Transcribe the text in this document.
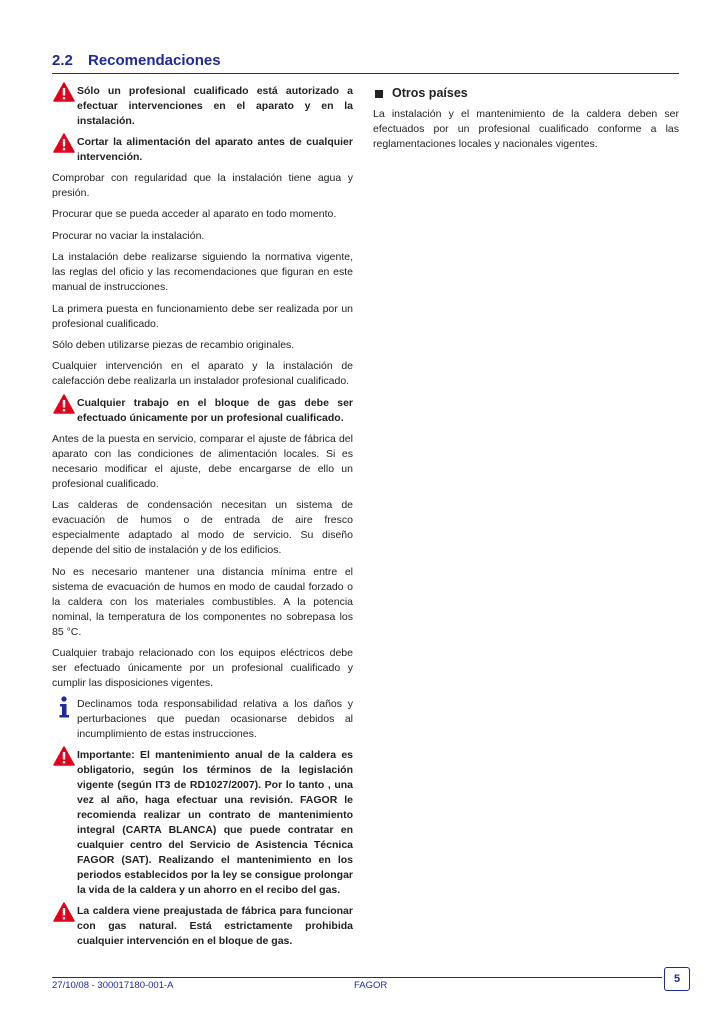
2.2 Recomendaciones
Sólo un profesional cualificado está autorizado a efectuar intervenciones en el aparato y en la instalación.
Cortar la alimentación del aparato antes de cualquier intervención.

Comprobar con regularidad que la instalación tiene agua y presión.

Procurar que se pueda acceder al aparato en todo momento.

Procurar no vaciar la instalación.

La instalación debe realizarse siguiendo la normativa vigente, las reglas del oficio y las recomendaciones que figuran en este manual de instrucciones.

La primera puesta en funcionamiento debe ser realizada por un profesional cualificado.

Sólo deben utilizarse piezas de recambio originales.

Cualquier intervención en el aparato y la instalación de calefacción debe realizarla un instalador profesional cualificado.

Cualquier trabajo en el bloque de gas debe ser efectuado únicamente por un profesional cualificado.

Antes de la puesta en servicio, comparar el ajuste de fábrica del aparato con las condiciones de alimentación locales. Si es necesario modificar el ajuste, debe encargarse de ello un profesional cualificado.

Las calderas de condensación necesitan un sistema de evacuación de humos o de entrada de aire fresco especialmente adaptado al modo de servicio. Su diseño depende del sitio de instalación y de los edificios.

No es necesario mantener una distancia mínima entre el sistema de evacuación de humos en modo de caudal forzado o la caldera con los materiales combustibles. A la potencia nominal, la temperatura de los componentes no sobrepasa los 85 °C.

Cualquier trabajo relacionado con los equipos eléctricos debe ser efectuado únicamente por un profesional cualificado y cumplir las disposiciones vigentes.

Declinamos toda responsabilidad relativa a los daños y perturbaciones que puedan ocasionarse debidos al incumplimiento de estas instrucciones.
Importante: El mantenimiento anual de la caldera es obligatorio, según los términos de la legislación vigente (según IT3 de RD1027/2007). Por lo tanto , una vez al año, haga efectuar una revisión. FAGOR le recomienda realizar un contrato de mantenimiento integral (CARTA BLANCA) que puede contratar en cualquier centro del Servicio de Asistencia Técnica FAGOR (SAT). Realizando el mantenimiento en los periodos establecidos por la ley se consigue prolongar la vida de la caldera y un ahorro en el recibo del gas.
La caldera viene preajustada de fábrica para funcionar con gas natural. Está estrictamente prohibida cualquier intervención en el bloque de gas.
Otros países

La instalación y el mantenimiento de la caldera deben ser efectuados por un profesional cualificado conforme a las reglamentaciones locales y nacionales vigentes.

5
27/10/08 - 300017180-001-A	FAGOR
